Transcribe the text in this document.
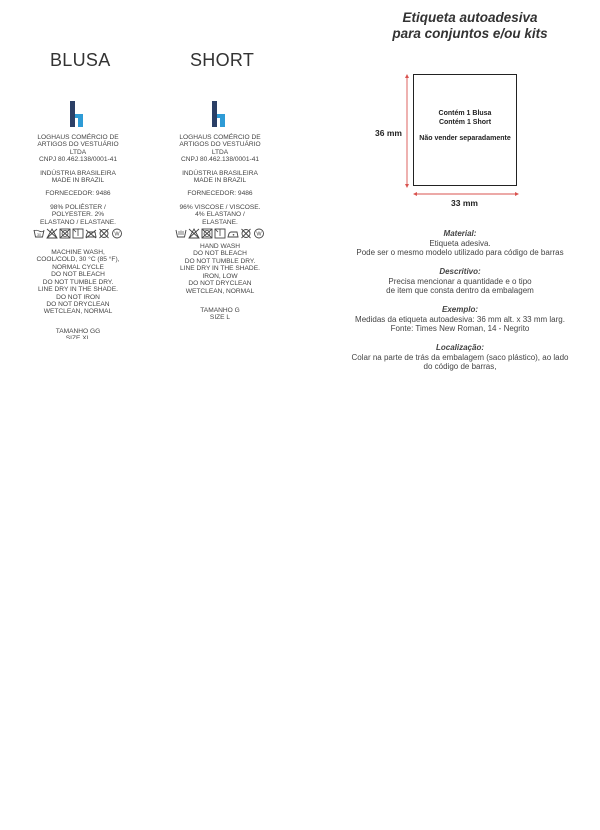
BLUSA
LOGHAUS COMÉRCIO DE
ARTIGOS DO VESTUÁRIO
LTDA
CNPJ 80.462.138/0001-41
INDÚSTRIA BRASILEIRA
MADE IN BRAZIL
FORNECEDOR: 9486
98% POLIÉSTER /
POLYESTER. 2%
ELASTANO / ELASTANE.
30	W
MACHINE WASH,
COOL/COLD, 30 °C (85 °F),
NORMAL CYCLE
DO NOT BLEACH
DO NOT TUMBLE DRY.
LINE DRY IN THE SHADE.
DO NOT IRON
DO NOT DRYCLEAN
WETCLEAN, NORMAL
TAMANHO GG
SIZE XL
SHORT
LOGHAUS COMÉRCIO DE
ARTIGOS DO VESTUÁRIO
LTDA
CNPJ 80.462.138/0001-41
INDÚSTRIA BRASILEIRA
MADE IN BRAZIL
FORNECEDOR: 9486
96% VISCOSE / VISCOSE.
4% ELASTANO /
ELASTANE.
W
HAND WASH
DO NOT BLEACH
DO NOT TUMBLE DRY.
LINE DRY IN THE SHADE.
IRON, LOW
DO NOT DRYCLEAN
WETCLEAN, NORMAL
TAMANHO G
SIZE L
Etiqueta autoadesiva
para conjuntos e/ou kits
Contém 1 Blusa
Contém 1 Short
Não vender separadamente
36 mm
33 mm
Material:
Etiqueta adesiva.
Pode ser o mesmo modelo utilizado para código de barras
Descritivo:
Precisa mencionar a quantidade e o tipo
de item que consta dentro da embalagem
Exemplo:
Medidas da etiqueta autoadesiva: 36 mm alt. x 33 mm larg.
Fonte: Times New Roman, 14 - Negrito
Localização:
Colar na parte de trás da embalagem (saco plástico), ao lado
do código de barras,
